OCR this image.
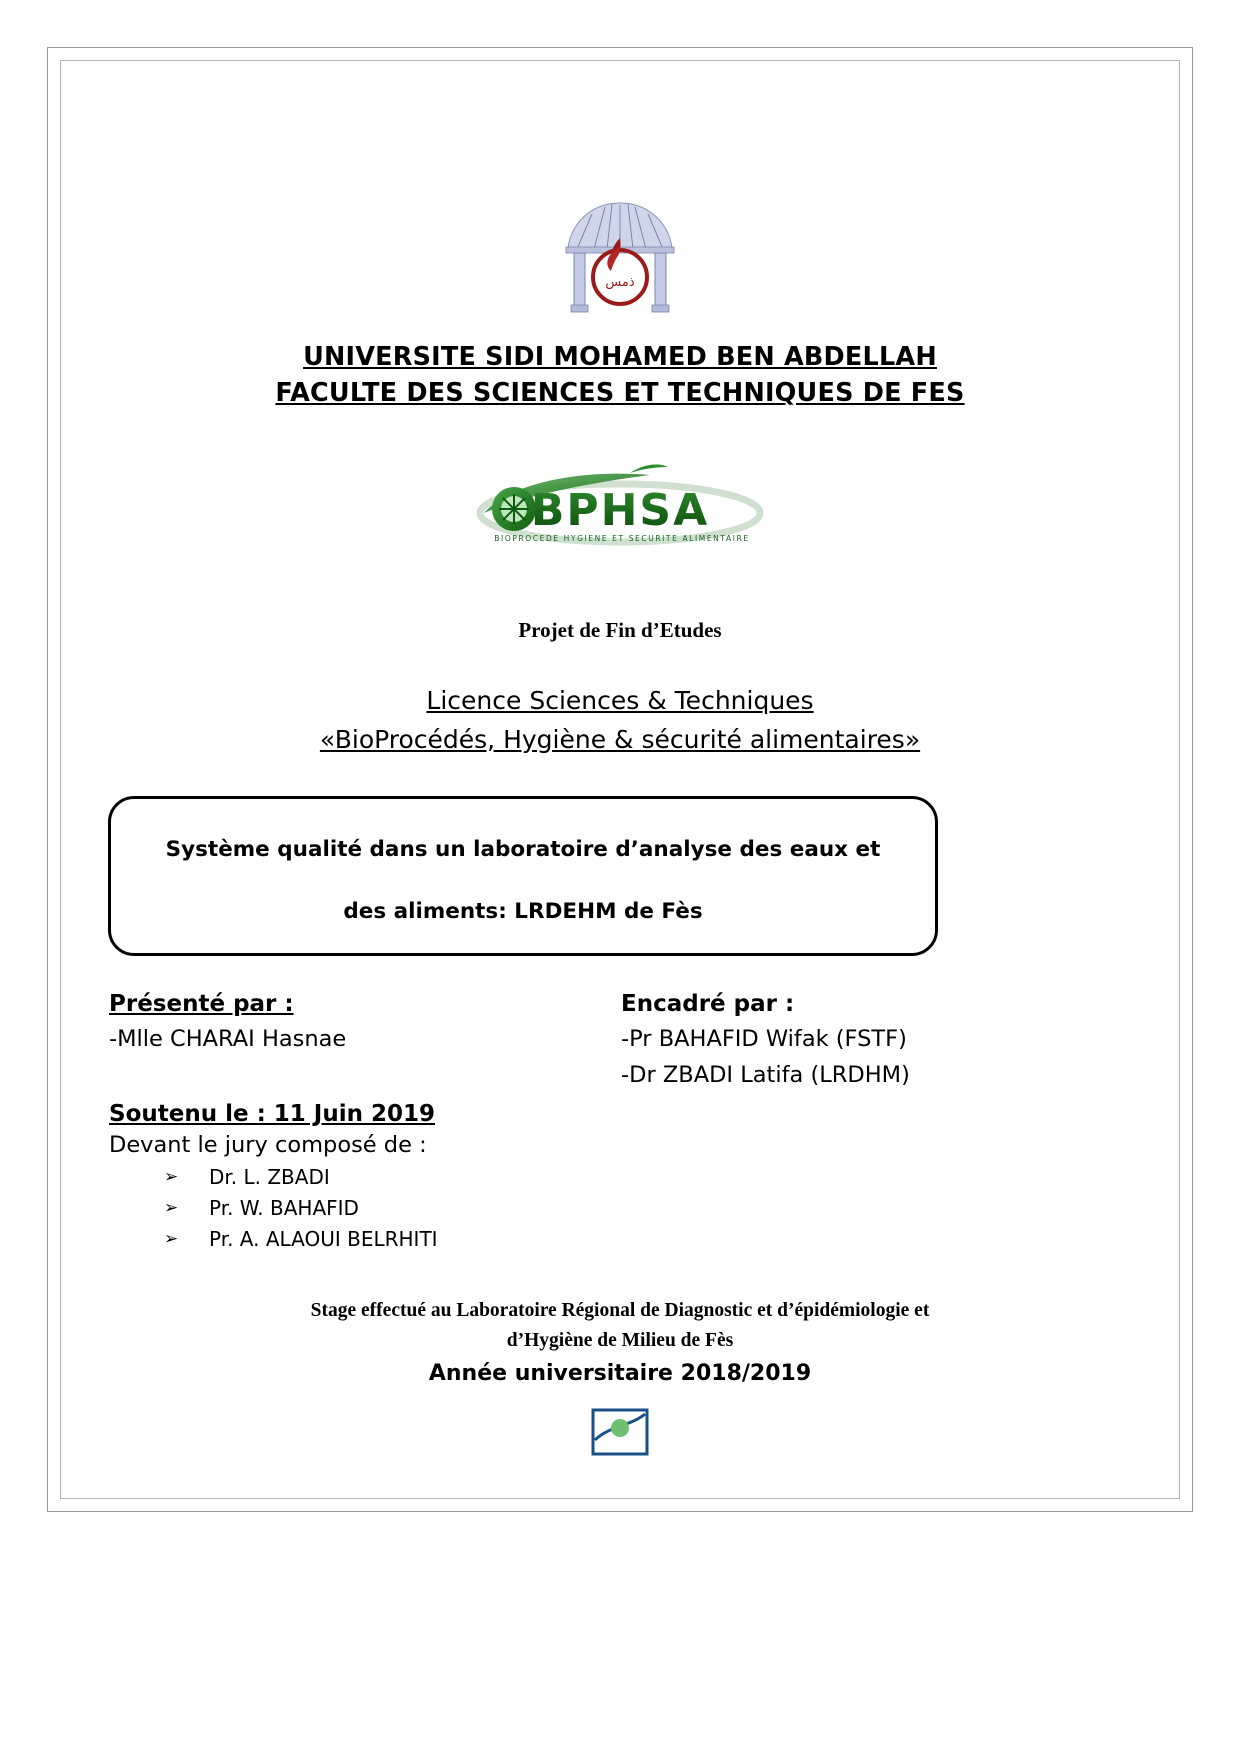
ذمس
UNIVERSITE SIDI MOHAMED BEN ABDELLAH
FACULTE DES SCIENCES ET TECHNIQUES DE FES
BPHSA
BIOPROCEDE HYGIENE ET SECURITE ALIMENTAIRE
Projet de Fin d’Etudes
Licence Sciences & Techniques
«BioProcédés, Hygiène & sécurité alimentaires»
Système qualité dans un laboratoire d’analyse des eaux et
des aliments: LRDEHM de Fès
Présenté par :
-Mlle CHARAI Hasnae
Encadré par :
-Pr BAHAFID Wifak (FSTF)
-Dr ZBADI Latifa (LRDHM)
Soutenu le : 11 Juin 2019
Devant le jury composé de :
➢ Dr. L. ZBADI
➢ Pr. W. BAHAFID
➢ Pr. A. ALAOUI BELRHITI
Stage effectué au Laboratoire Régional de Diagnostic et d’épidémiologie et
d’Hygiène de Milieu de Fès
Année universitaire 2018/2019
